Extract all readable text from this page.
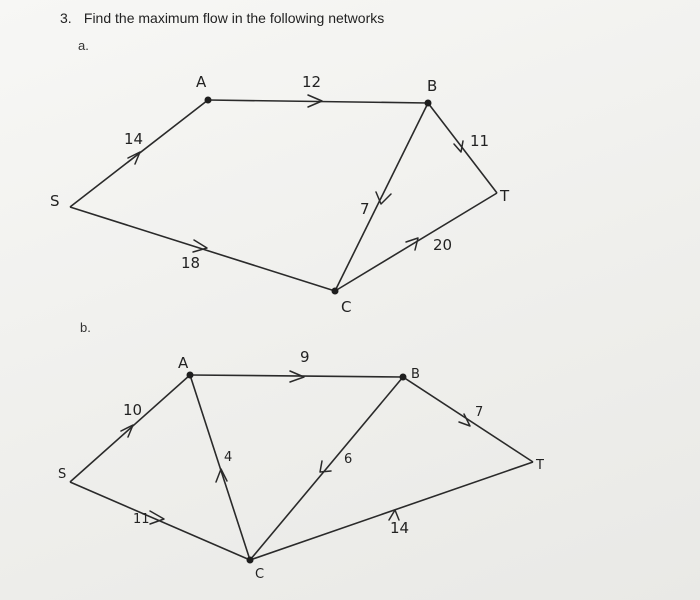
3. Find the maximum flow in the following networks
a.
b.
S
A	B
C
T
14
18
12
7
11
20
S
A
B
C
T
10
11
9
4	6
7
14
